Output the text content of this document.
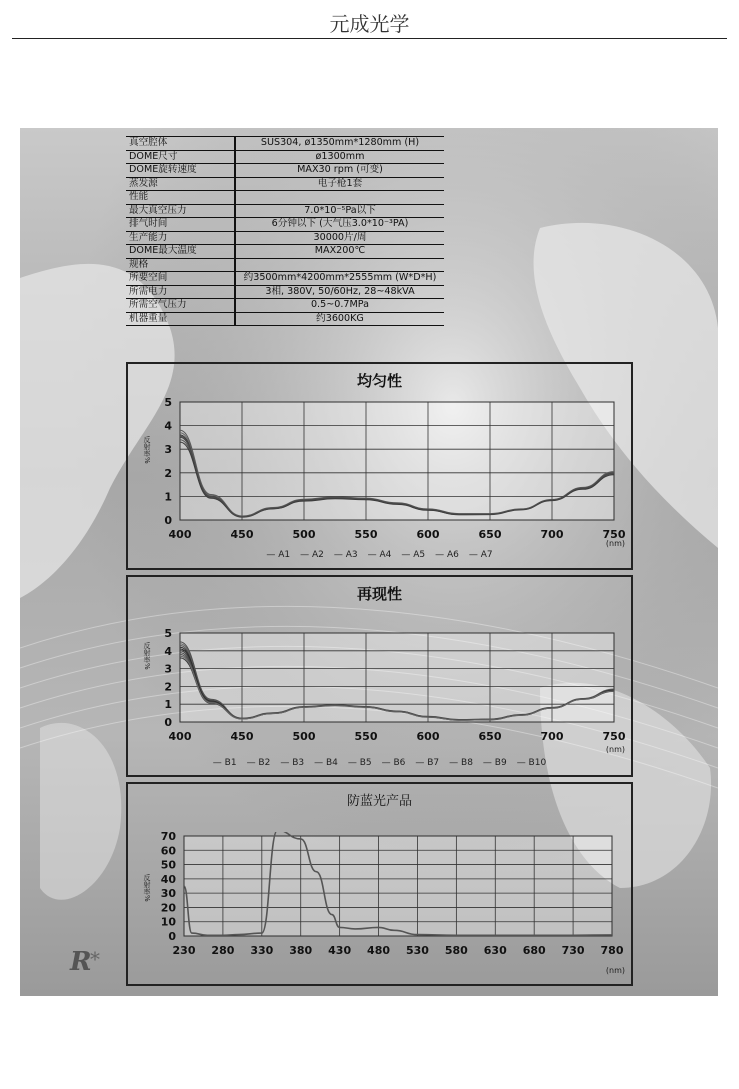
元成光学
真空腔体	SUS304, ø1350mm*1280mm (H)
DOME尺寸	ø1300mm
DOME旋转速度	MAX30 rpm (可变)
蒸发源	电子枪1套
性能	
最大真空压力	7.0*10⁻⁵Pa以下
排气时间	6分钟以下 (大气压3.0*10⁻³PA)
生产能力	30000片/周
DOME最大温度	MAX200℃
规格	
所要空间	约3500mm*4200mm*2555mm (W*D*H)
所需电力	3相, 380V, 50/60Hz, 28~48kVA
所需空气压力	0.5~0.7MPa
机器重量	约3600KG
均匀性
反射率%
400	450	500	550	600	650	700	750
0
1
2
3
4
5
(nm)
— A1 — A2 — A3 — A4 — A5 — A6 — A7
再现性
反射率%
400	450	500	550	600	650	700	750
0
1
2
3
4
5
(nm)
— B1 — B2 — B3 — B4 — B5 — B6 — B7 — B8 — B9 — B10
防蓝光产品
反射率%
230 280 330 380 430 480 530 580 630 680 730 780
0
10
20
30
40
50
60
70
(nm)
R
*
